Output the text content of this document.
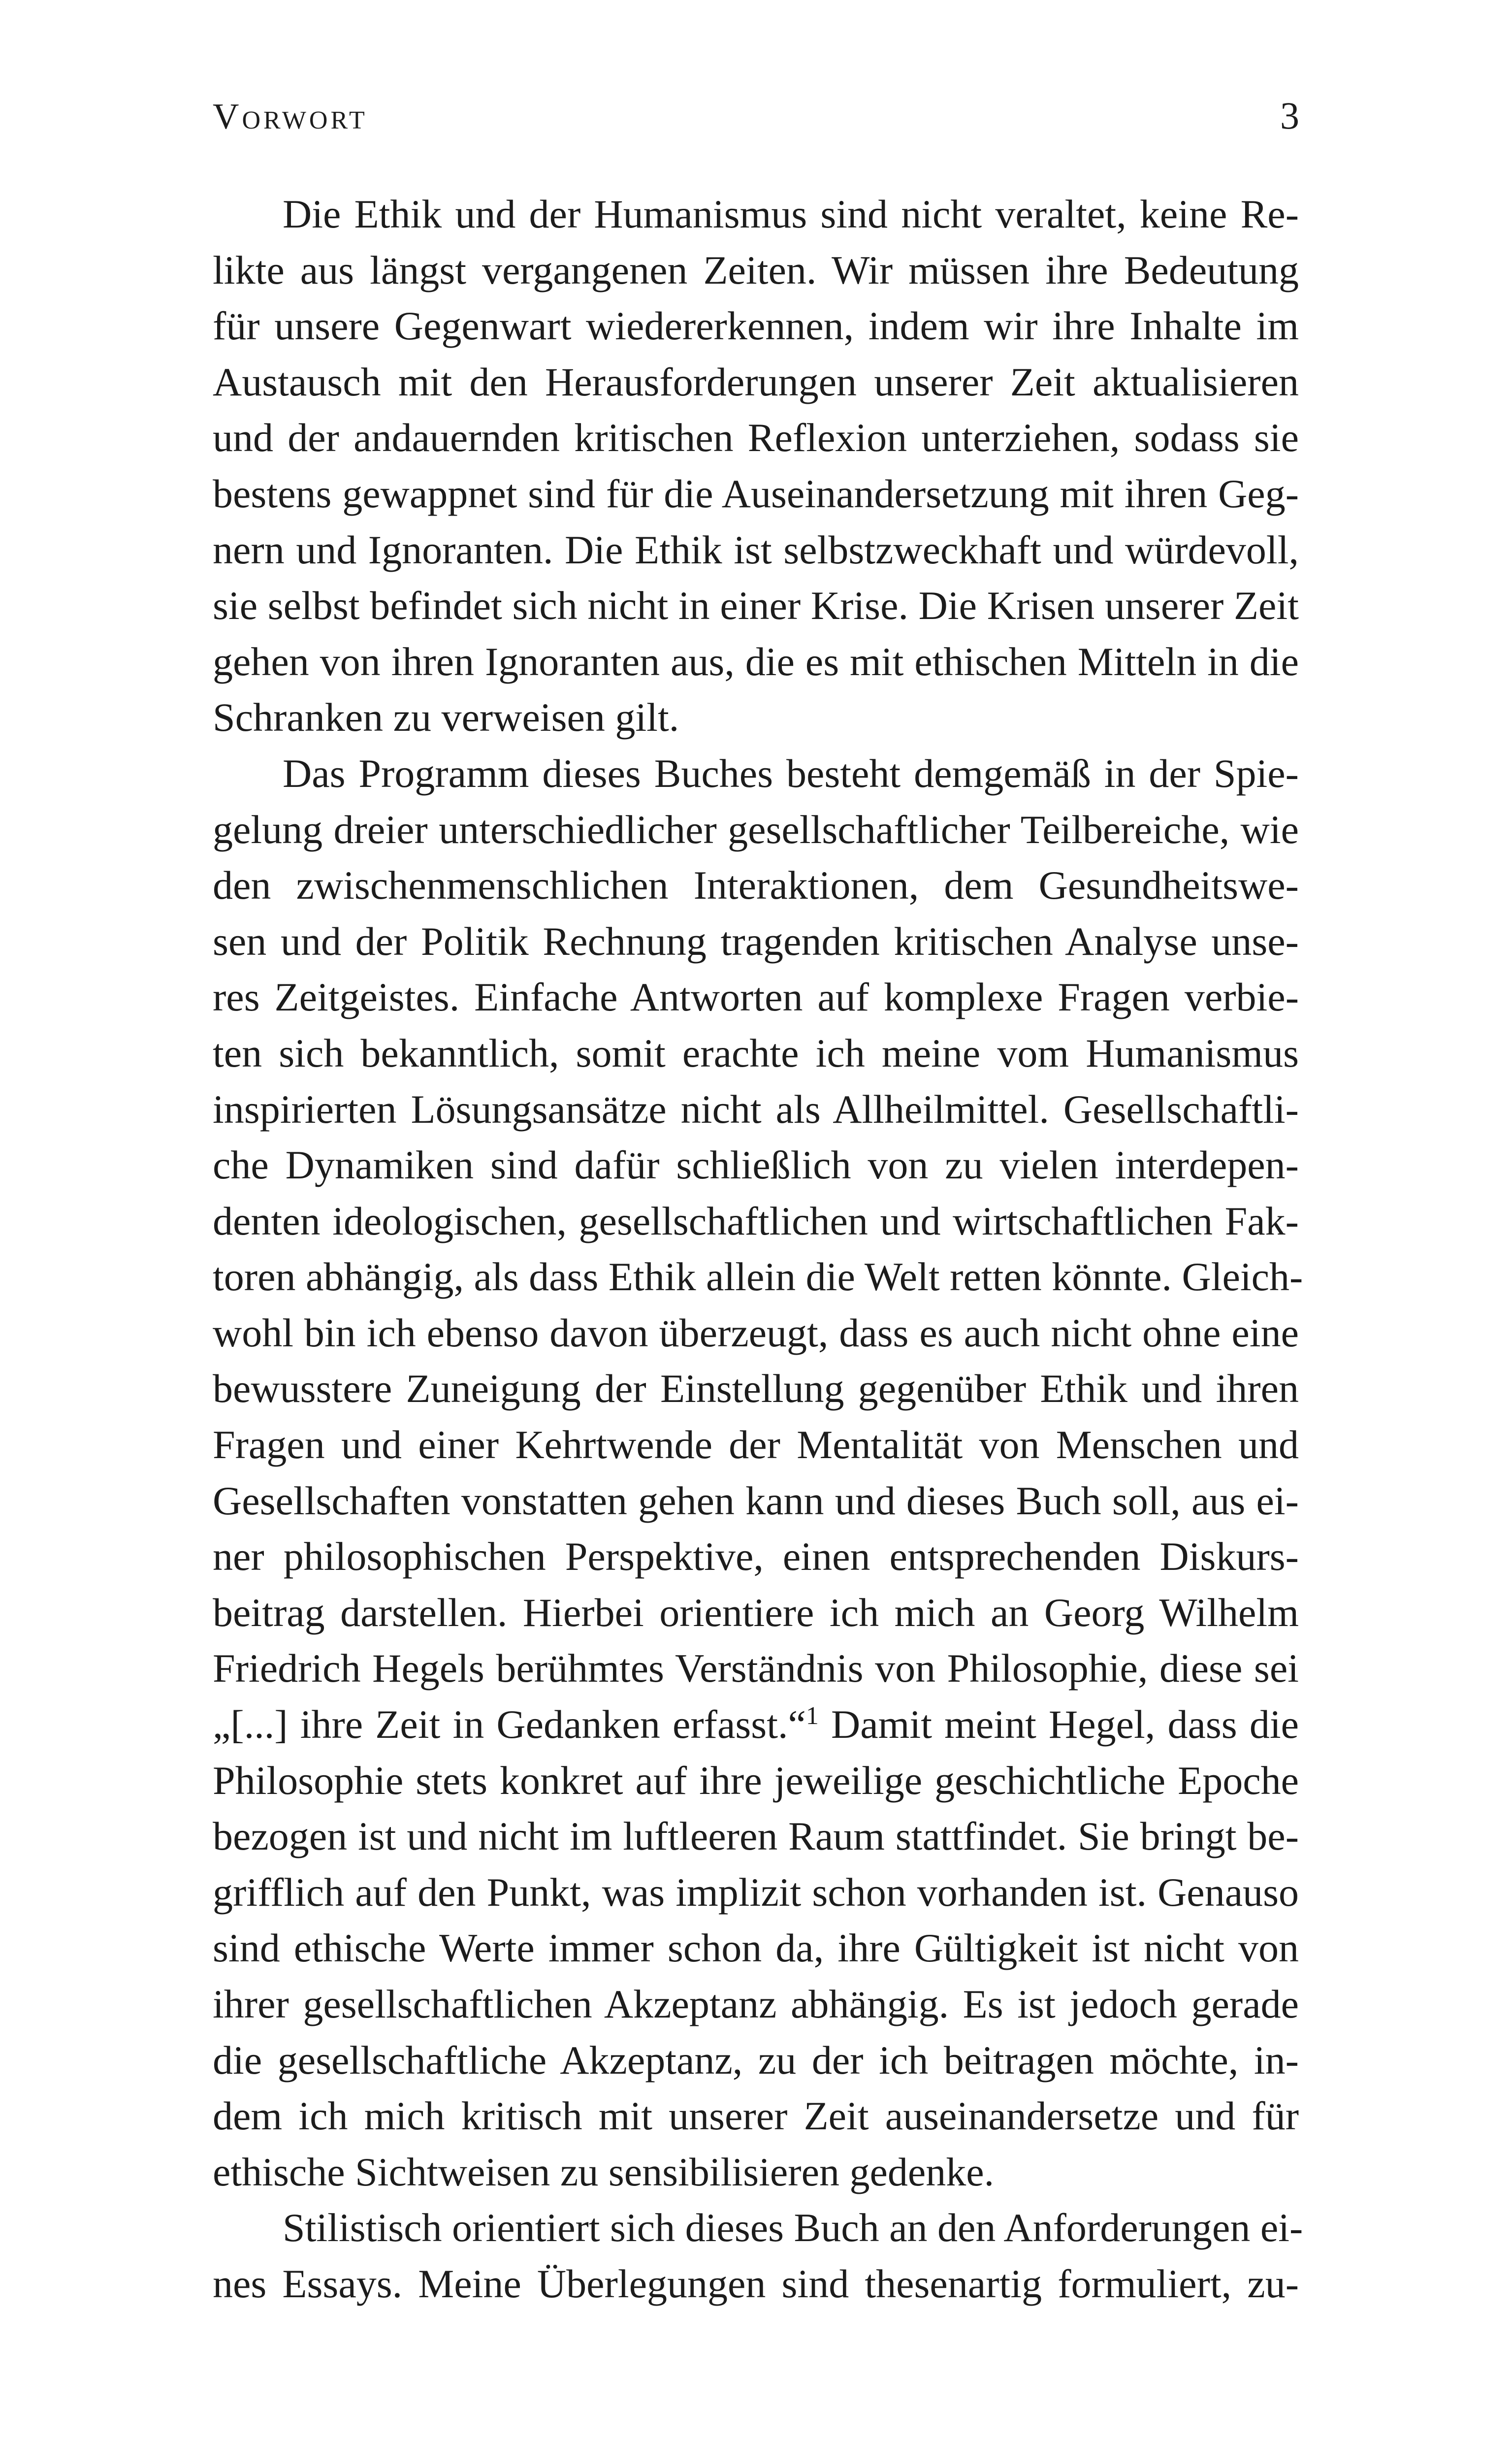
Vorwort	3
Die Ethik und der Humanismus sind nicht veraltet, keine Re-
likte aus längst vergangenen Zeiten. Wir müssen ihre Bedeutung
für unsere Gegenwart wiedererkennen, indem wir ihre Inhalte im
Austausch mit den Herausforderungen unserer Zeit aktualisieren
und der andauernden kritischen Reflexion unterziehen, sodass sie
bestens gewappnet sind für die Auseinandersetzung mit ihren Geg-
nern und Ignoranten. Die Ethik ist selbstzweckhaft und würdevoll,
sie selbst befindet sich nicht in einer Krise. Die Krisen unserer Zeit
gehen von ihren Ignoranten aus, die es mit ethischen Mitteln in die
Schranken zu verweisen gilt.
Das Programm dieses Buches besteht demgemäß in der Spie-
gelung dreier unterschiedlicher gesellschaftlicher Teilbereiche, wie
den zwischenmenschlichen Interaktionen, dem Gesundheitswe-
sen und der Politik Rechnung tragenden kritischen Analyse unse-
res Zeitgeistes. Einfache Antworten auf komplexe Fragen verbie-
ten sich bekanntlich, somit erachte ich meine vom Humanismus
inspirierten Lösungsansätze nicht als Allheilmittel. Gesellschaftli-
che Dynamiken sind dafür schließlich von zu vielen interdepen-
denten ideologischen, gesellschaftlichen und wirtschaftlichen Fak-
toren abhängig, als dass Ethik allein die Welt retten könnte. Gleich-
wohl bin ich ebenso davon überzeugt, dass es auch nicht ohne eine
bewusstere Zuneigung der Einstellung gegenüber Ethik und ihren
Fragen und einer Kehrtwende der Mentalität von Menschen und
Gesellschaften vonstatten gehen kann und dieses Buch soll, aus ei-
ner philosophischen Perspektive, einen entsprechenden Diskurs-
beitrag darstellen. Hierbei orientiere ich mich an Georg Wilhelm
Friedrich Hegels berühmtes Verständnis von Philosophie, diese sei
„[...] ihre Zeit in Gedanken erfasst.“$^1$ Damit meint Hegel, dass die
Philosophie stets konkret auf ihre jeweilige geschichtliche Epoche
bezogen ist und nicht im luftleeren Raum stattfindet. Sie bringt be-
grifflich auf den Punkt, was implizit schon vorhanden ist. Genauso
sind ethische Werte immer schon da, ihre Gültigkeit ist nicht von
ihrer gesellschaftlichen Akzeptanz abhängig. Es ist jedoch gerade
die gesellschaftliche Akzeptanz, zu der ich beitragen möchte, in-
dem ich mich kritisch mit unserer Zeit auseinandersetze und für
ethische Sichtweisen zu sensibilisieren gedenke.
Stilistisch orientiert sich dieses Buch an den Anforderungen ei-
nes Essays. Meine Überlegungen sind thesenartig formuliert, zu-
